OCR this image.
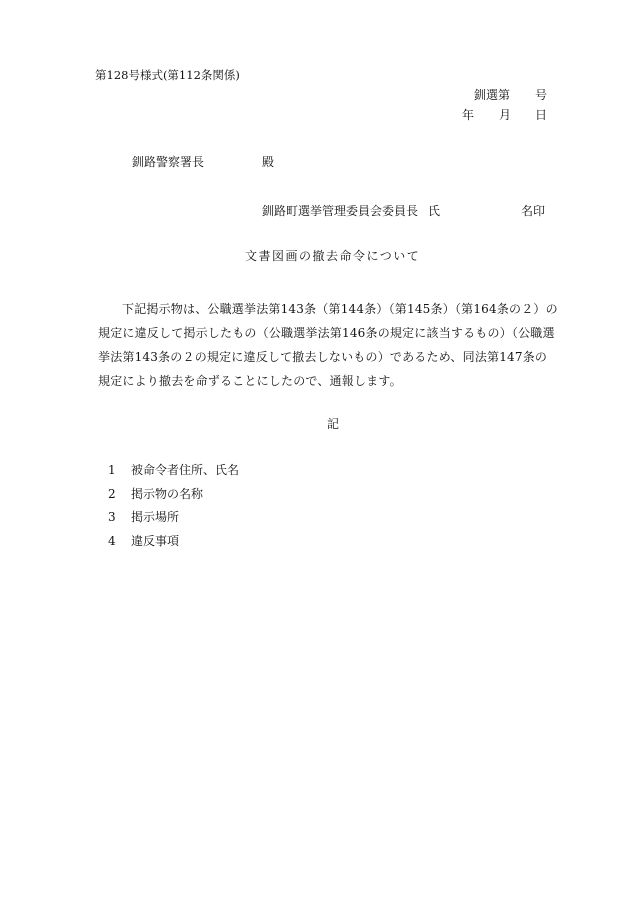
第128号様式(第112条関係)
釧選第 号
年 月 日
釧路警察署長	殿
釧路町選挙管理委員会委員長 氏	名 印
文書図画の撤去命令について
下記掲示物は、公職選挙法第143条（第144条）（第145条）（第164条の２）の規定に違反して掲示したもの（公職選挙法第146条の規定に該当するもの）（公職選挙法第143条の２の規定に違反して撤去しないもの）であるため、同法第147条の規定により撤去を命ずることにしたので、通報します。
記
1	被命令者住所、氏名
2	掲示物の名称
3	掲示場所
4	違反事項
